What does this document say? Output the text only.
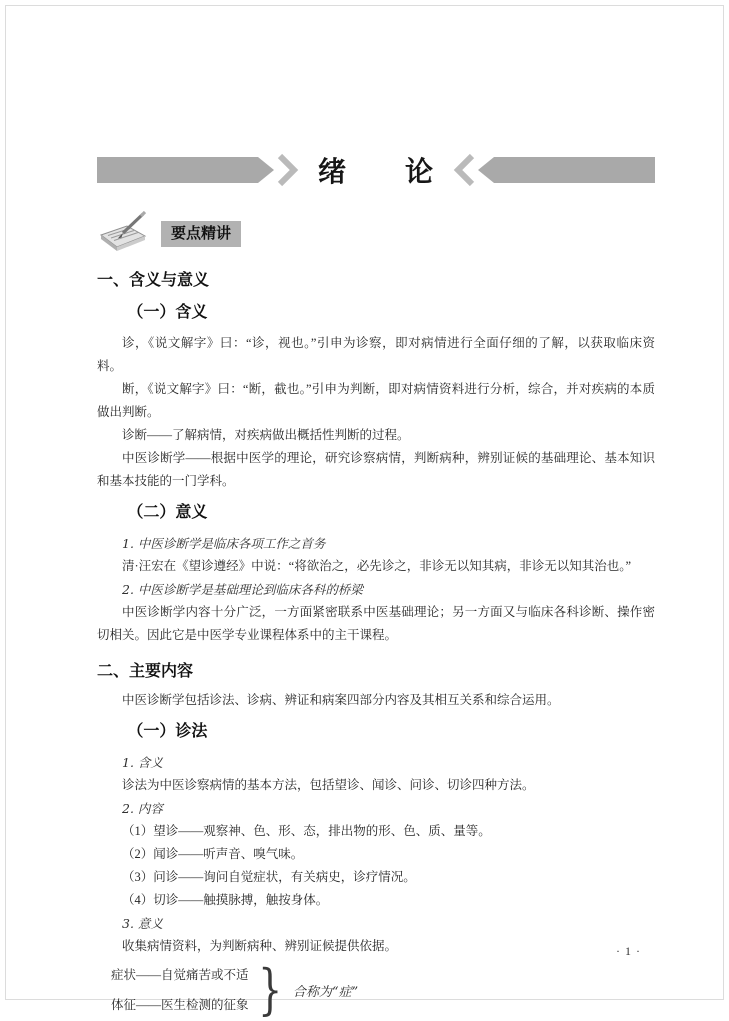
绪　　论
要点精讲
一、含义与意义
（一）含义

诊，《说文解字》曰：“诊，视也。”引申为诊察，即对病情进行全面仔细的了解，以获取临床资料。

断，《说文解字》曰：“断，截也。”引申为判断，即对病情资料进行分析，综合，并对疾病的本质做出判断。

诊断——了解病情，对疾病做出概括性判断的过程。

中医诊断学——根据中医学的理论，研究诊察病情，判断病种，辨别证候的基础理论、基本知识和基本技能的一门学科。

（二）意义

1. 中医诊断学是临床各项工作之首务

清·汪宏在《望诊遵经》中说：“将欲治之，必先诊之，非诊无以知其病，非诊无以知其治也。”

2. 中医诊断学是基础理论到临床各科的桥梁

中医诊断学内容十分广泛，一方面紧密联系中医基础理论；另一方面又与临床各科诊断、操作密切相关。因此它是中医学专业课程体系中的主干课程。

二、主要内容

中医诊断学包括诊法、诊病、辨证和病案四部分内容及其相互关系和综合运用。

（一）诊法

1. 含义

诊法为中医诊察病情的基本方法，包括望诊、闻诊、问诊、切诊四种方法。

2. 内容

（1）望诊——观察神、色、形、态，排出物的形、色、质、量等。

（2）闻诊——听声音、嗅气味。

（3）问诊——询问自觉症状，有关病史，诊疗情况。

（4）切诊——触摸脉搏，触按身体。

3. 意义

收集病情资料，为判断病种、辨别证候提供依据。

症状——自觉痛苦或不适

体征——医生检测的征象 } 合称为“症”
· 1 ·
